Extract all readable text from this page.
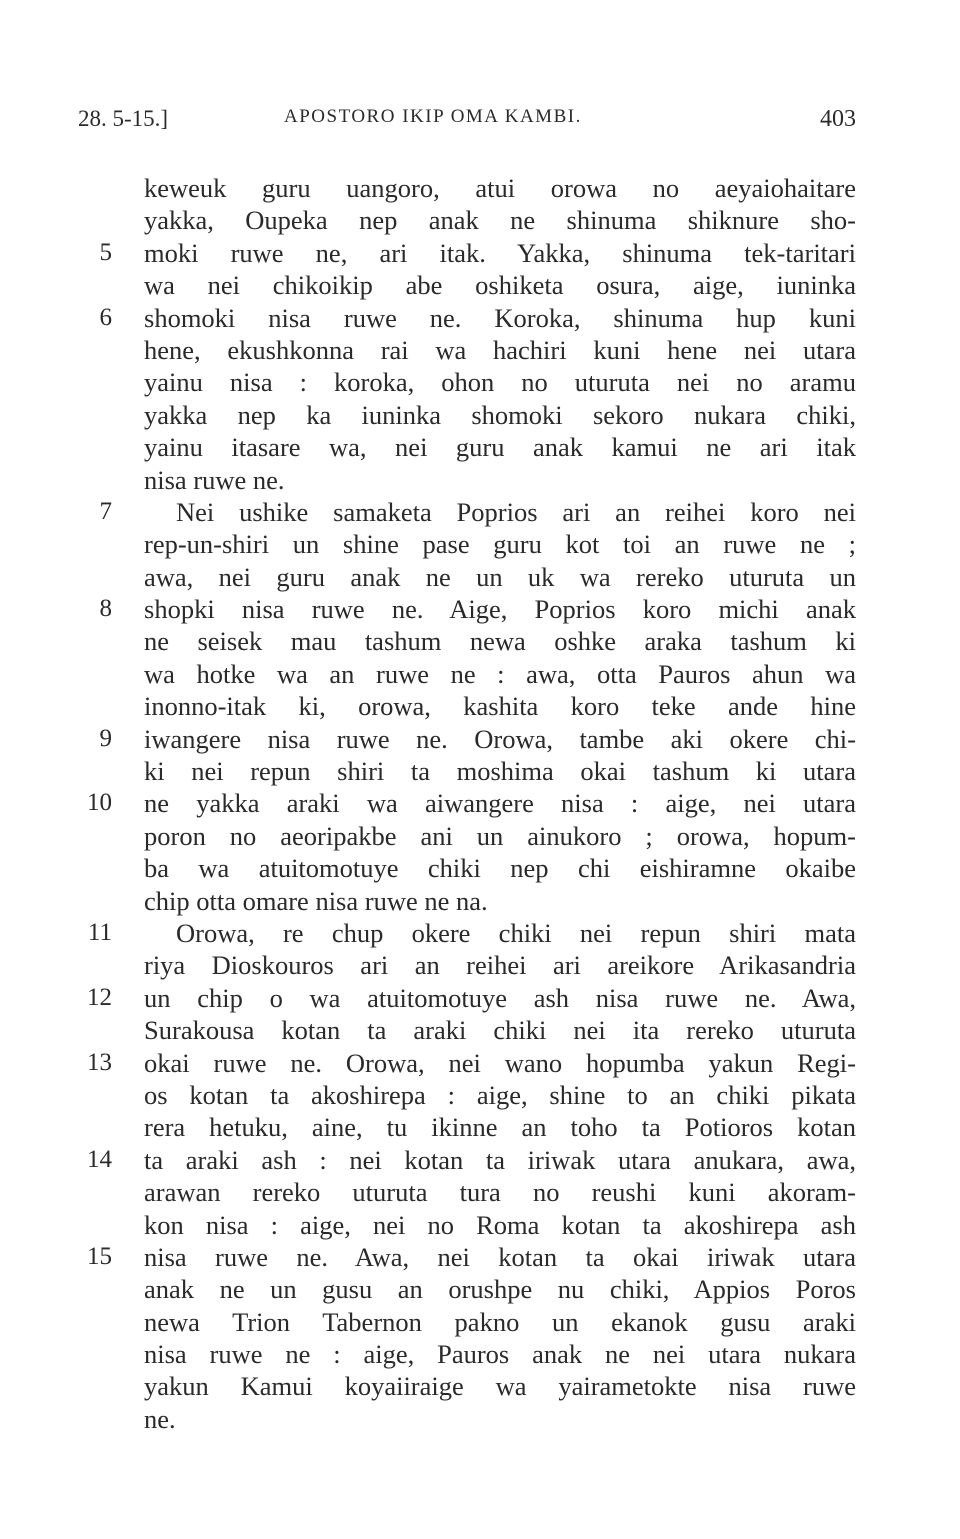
28. 5-15.]	APOSTORO IKIP OMA KAMBI.	403
keweuk guru uangoro, atui orowa no aeyaiohaitare
yakka, Oupeka nep anak ne shinuma shiknure sho-
5 moki ruwe ne, ari itak. Yakka, shinuma tek-taritari
wa nei chikoikip abe oshiketa osura, aige, iuninka
6 shomoki nisa ruwe ne. Koroka, shinuma hup kuni
hene, ekushkonna rai wa hachiri kuni hene nei utara
yainu nisa : koroka, ohon no uturuta nei no aramu
yakka nep ka iuninka shomoki sekoro nukara chiki,
yainu itasare wa, nei guru anak kamui ne ari itak
nisa ruwe ne.
7 Nei ushike samaketa Poprios ari an reihei koro nei
rep-un-shiri un shine pase guru kot toi an ruwe ne ;
awa, nei guru anak ne un uk wa rereko uturuta un
8 shopki nisa ruwe ne. Aige, Poprios koro michi anak
ne seisek mau tashum newa oshke araka tashum ki
wa hotke wa an ruwe ne : awa, otta Pauros ahun wa
inonno-itak ki, orowa, kashita koro teke ande hine
9 iwangere nisa ruwe ne. Orowa, tambe aki okere chi-
ki nei repun shiri ta moshima okai tashum ki utara
10 ne yakka araki wa aiwangere nisa : aige, nei utara
poron no aeoripakbe ani un ainukoro ; orowa, hopum-
ba wa atuitomotuye chiki nep chi eishiramne okaibe
chip otta omare nisa ruwe ne na.
11 Orowa, re chup okere chiki nei repun shiri mata
riya Dioskouros ari an reihei ari areikore Arikasandria
12 un chip o wa atuitomotuye ash nisa ruwe ne. Awa,
Surakousa kotan ta araki chiki nei ita rereko uturuta
13 okai ruwe ne. Orowa, nei wano hopumba yakun Regi-
os kotan ta akoshirepa : aige, shine to an chiki pikata
rera hetuku, aine, tu ikinne an toho ta Potioros kotan
14 ta araki ash : nei kotan ta iriwak utara anukara, awa,
arawan rereko uturuta tura no reushi kuni akoram-
kon nisa : aige, nei no Roma kotan ta akoshirepa ash
15 nisa ruwe ne. Awa, nei kotan ta okai iriwak utara
anak ne un gusu an orushpe nu chiki, Appios Poros
newa Trion Tabernon pakno un ekanok gusu araki
nisa ruwe ne : aige, Pauros anak ne nei utara nukara
yakun Kamui koyaiiraige wa yairametokte nisa ruwe
ne.
